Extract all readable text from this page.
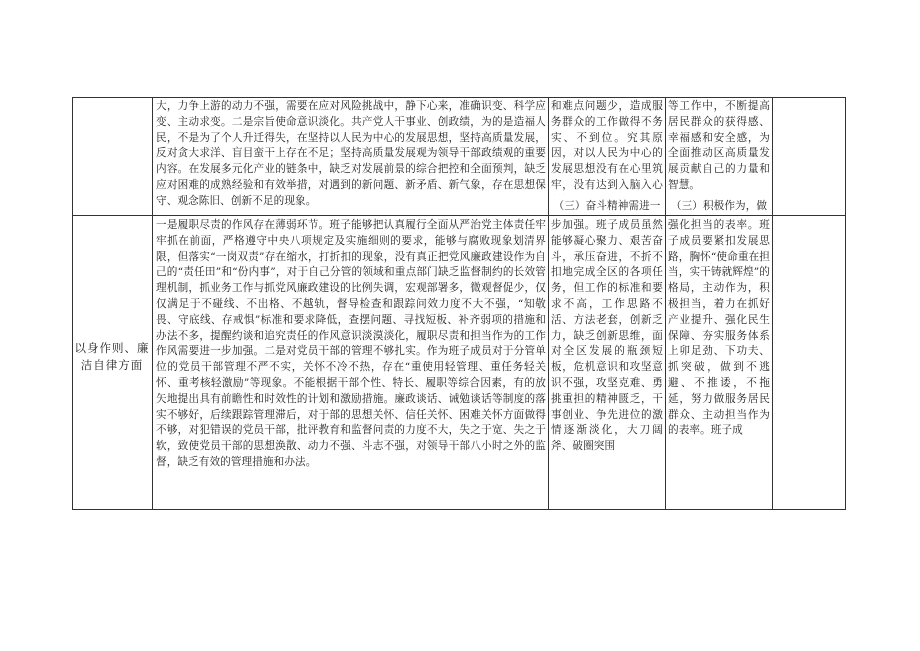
大，力争上游的动力不强，需要在应对风险挑战中，静下心来，准确识变、科学应变、主动求变。二是宗旨使命意识淡化。共产党人干事业、创政绩，为的是造福人民，不是为了个人升迁得失，在坚持以人民为中心的发展思想，坚持高质量发展，反对贪大求洋、盲目蛮干上存在不足；坚持高质量发展观为领导干部政绩观的重要内容。在发展多元化产业的链条中，缺乏对发展前景的综合把控和全面预判，缺乏应对困难的成熟经验和有效举措，对遇到的新问题、新矛盾、新气象，存在思想保守、观念陈旧、创新不足的现象。
和难点问题少，造成服务群众的工作做得不务实、不到位。究其原因，对以人民为中心的发展思想没有在心里筑牢，没有达到入脑入心
（三）奋斗精神需进一
等工作中，不断提高居民群众的获得感、幸福感和安全感，为全面推动区高质量发展贡献自己的力量和智慧。
（三）积极作为，做
以身作则、廉洁自律方面
一是履职尽责的作风存在薄弱环节。班子能够把认真履行全面从严治党主体责任牢牢抓在前面，严格遵守中央八项规定及实施细则的要求，能够与腐败现象划清界限，但落实“一岗双责”存在缩水，打折扣的现象，没有真正把党风廉政建设作为自己的“责任田”和“份内事”，对于自己分管的领域和重点部门缺乏监督制约的长效管理机制，抓业务工作与抓党风廉政建设的比例失调，宏观部署多，微观督促少，仅仅满足于不碰线、不出格、不越轨，督导检查和跟踪问效力度不大不强，“知敬畏、守底线、存戒惧”标准和要求降低，查摆问题、寻找短板、补齐弱项的措施和办法不多，提醒约谈和追究责任的作风意识淡漠淡化，履职尽责和担当作为的工作作风需要进一步加强。二是对党员干部的管理不够扎实。作为班子成员对于分管单位的党员干部管理不严不实，关怀不冷不热，存在“重使用轻管理、重任务轻关怀、重考核轻激励”等现象。不能根据干部个性、特长、履职等综合因素，有的放矢地提出具有前瞻性和时效性的计划和激励措施。廉政谈话、诫勉谈话等制度的落实不够好，后续跟踪管理滞后，对于部的思想关怀、信任关怀、困难关怀方面做得不够，对犯错误的党员干部，批评教育和监督问责的力度不大，失之于宽、失之于软，致使党员干部的思想涣散、动力不强、斗志不强，对领导干部八小时之外的监督，缺乏有效的管理措施和办法。
步加强。班子成员虽然能够凝心聚力、艰苦奋斗，承压奋进，不折不扣地完成全区的各项任务，但工作的标准和要求不高，工作思路不活、方法老套，创新乏力，缺乏创新思维，面对全区发展的瓶颈短板，危机意识和攻坚意识不强，攻坚克难、勇挑重担的精神匮乏，干事创业、争先进位的激情逐渐淡化，大刀阔斧、破圈突围
强化担当的表率。班子成员要紧扣发展思路，胸怀“使命重在担当，实干铸就辉煌”的格局，主动作为，积极担当，着力在抓好产业提升、强化民生保障、夯实服务体系上卯足劲、下功夫、抓突破，做到不逃避、不推诿，不拖延，努力做服务居民群众、主动担当作为的表率。班子成
